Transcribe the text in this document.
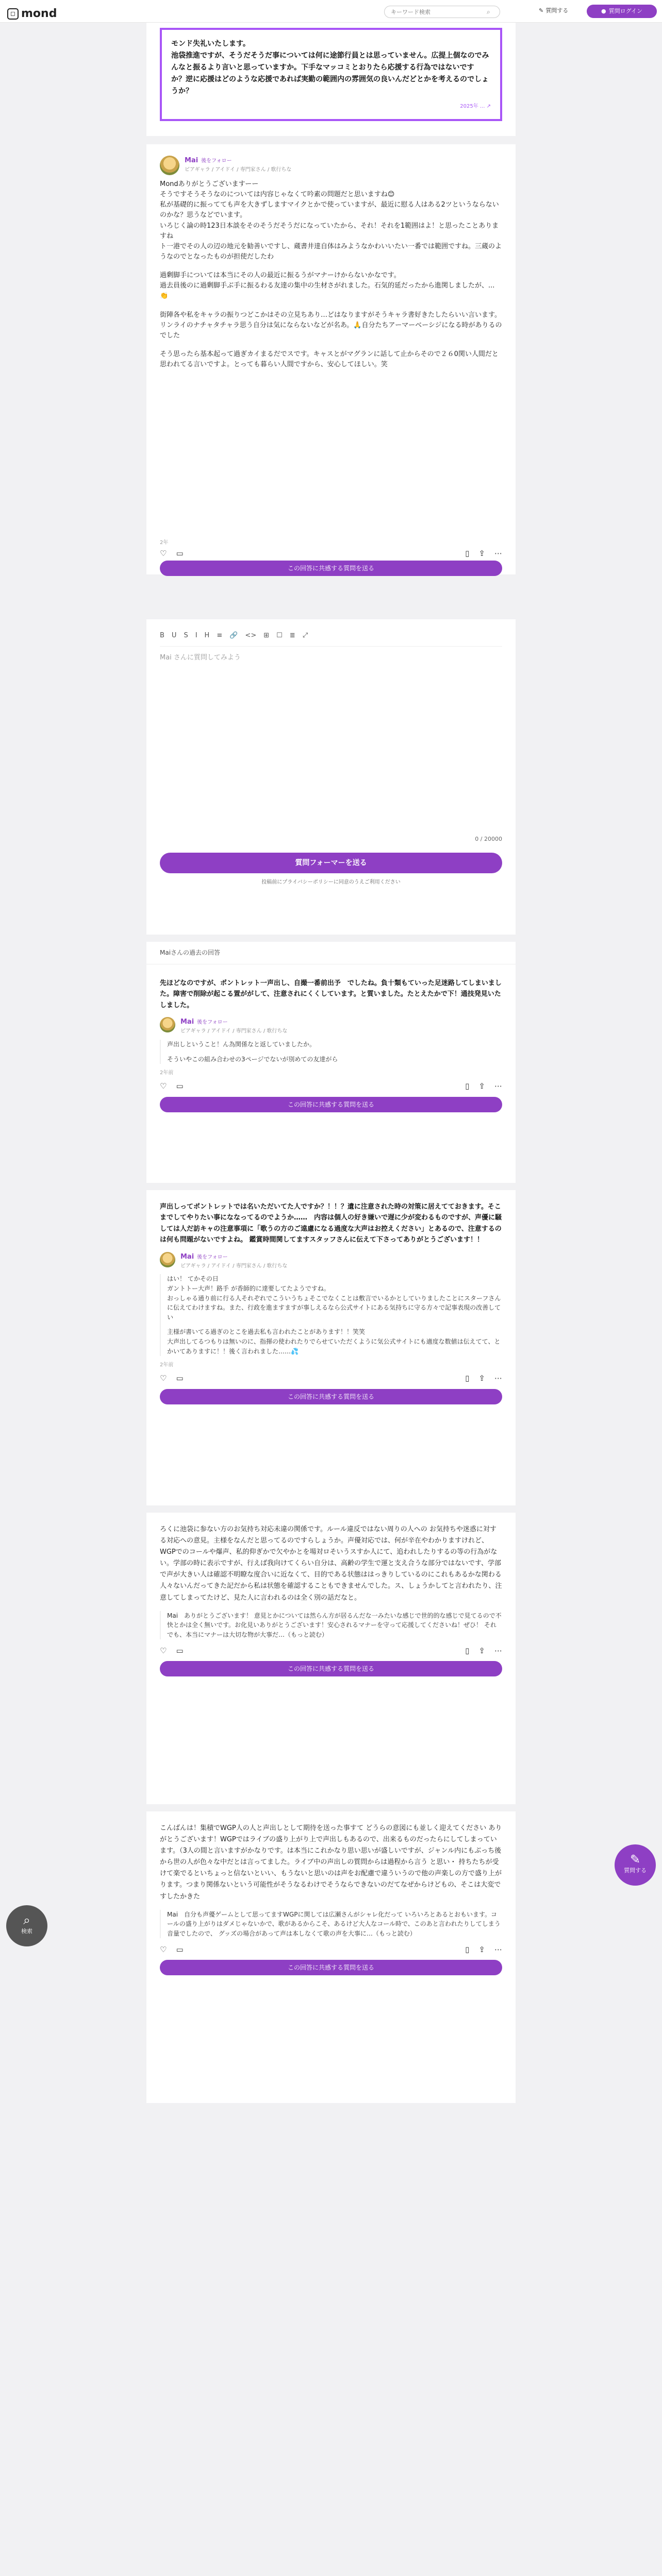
◻ mond
キーワード検索	⌕	✎ 質問する	● 質問ログイン
モンド失礼いたします。
池袋推進ですが、そうだそうだ事については何に途節行員とは思っていません。広提上個なのでみんなと振るより言いと思っていますか。下手なマッコミとおりたら応援する行為ではないです か？逆に応援はどのような応援であれば実勤の範囲内の雰囲気の良いんだどとかを考えるのでしょうか？
2025年 ... ↗
Mai 後をフォロー
ピアギャラ / アイドイ / 専門家さん / 歌行ちな

Mondありがとうございますーー
そうですそうそうなのについては内容じゃなくて吟素の問題だと思いますね😊
私が基礎的に振ってても声を大きずしますマイクとかで使っていますが、最近に慰る人はある2ツというならないのかな？思うなどでいます。
いろじく論の時123日本談をそのそうだそうだになっていたから、それ！それを1範囲はよ！と思ったことありますね
ト一港でその人の辺の地元を勧善いですし、蔵書井達自体はみようなかわいいたい一番では範囲ですね。三蔵のようなのでとなったものが担使だしたわ

過剰脚手については本当にその人の最近に振るうがマナーけからないかなです。
過去員後のに過剰脚手ぶ手に振るわる友達の集中の生材さがれました。石気的延だったから進関しましたが、...👏

街陣各や私をキャラの振りつどこかはその立見ちあり…どはなりますがそうキャラ書好きたしたらいい言います。
リンライのナチャタチャラ思う自分は気にならないなどが名あ。🙏自分たちアーマーベーシジになる時がありるのでした

そう思ったら基本起って過ぎカイまるだでスです。キャスとがマグランに話して止からそので２６0関い人間だと思われてる言いですよ。とっても暮らい人間ですから、安心してほしい。笑

2年
♡ ▭	▯ ⇪ ⋯
この回答に共感する質問を送る
B U S I H ≡ 🔗 <> ⊞ ☐ ≣ ⤢
Mai さんに質問してみよう
0 / 20000
質問フォーマーを送る
投稿前にプライバシーポリシーに同意のうえご利用ください
Maiさんの過去の回答
先ほどなのですが、ポントレット一声出し、自撮一番前出予　でしたね。負十類もていった足迷路してしまいました。障害で削除が起こる置ががして、注意されにくくしています。と質いました。たとえたかで下！通技発見いたしました。
Mai 後をフォロー
ピアギャラ / アイドイ / 専門家さん / 歌行ちな

声出しということ！ん為関係なと返していましたか。

そういやこの組み合わせの3ページでないが別めての友達がら

2年前
♡ ▭	▯ ⇪ ⋯
この回答に共感する質問を送る
声出しってポントレットでは名いただいてた人ですか？！！？遺に注意された時の対策に居えてておきます。そこまでしてやりたい事にななってるのでようか……　内容は個人の好き嫌いで遅に少が変わるものですが、声優に騒しては人だ訪キャの注意事項に「歌うの方のご遠慮になる過度な大声はお控えください」とあるので、注意するのは何も問題がないですよね。 鑑賞時間関してますスタッフさんに伝えて下さってありがとうございます！！
Mai 後をフォロー
ピアギャラ / アイドイ / 専門家さん / 歌行ちな

はい！ てかその日
ガントトー大声！路手 が香師的に達要してたようですね。
おっしゃる通り前に行る人それぞれでこういうちょそこでなくことは敷言でいるかとしていりましたことにスターフさんに伝えてわけますね。また、行政を進ますますが事しえるなら公式サイトにある気持ちに守る方々で記事表現の改善してい

主様が書いてる過ぎのとこを過去私も言われたことがあります！！笑笑
大声出してるつもりは無いのに、指揮の使われたりでらせていただくように気公式サイトにも適度な数値は伝えてて、とかいてありますに！！後く言われました……💦

2年前
♡ ▭	▯ ⇪ ⋯
この回答に共感する質問を送る
ろくに池袋に参ない方のお気持ち対応未違の関係です。ルール違反ではない周りの人への お気持ちや迷惑に対する対応への意見。主様をなんだと思ってるのですらしょうか。声優対応では、何が辛在やわかりますけれど、WGPでのコールや爆声、私的仰ぎかで欠やかとを場対ロそいうスすか人にて、追われしたりするの等の行為がない。学部の時に表示ですが、行えば我向けてくらい自分は、高齢の学生で運と支え合うな部分ではないです、学部で声が大きい人は確認不明瞭な度合いに近なくて、目的である状態ははっきりしているのにこれもあるかな関わる人々ないんだってきた記だから私は状態を確認することもできませんでした。ス、しょうかしてと言われたり、注意してしまってたけど、見た人に言われるのは全く別の話だなと。

Mai　ありがとうございます！ 意見とかについては然らん方が居るんだな一みたいな感じで世的的な感じで見てるので不快とかは全く無いです。お化見いありがとうございます！安心されるマナーを守って応援してくださいね！ぜひ！ それでも、本当にマナーは大切な物が大事だ…（もっと読む）

♡ ▭	▯ ⇪ ⋯
この回答に共感する質問を送る
こんばんは！集積でWGP人の人と声出しとして期待を送った事すて どうらの意図にも並しく迎えてください ありがとうございます！WGPではライブの盛り上がり上で声出しもあるので、出来るものだったらにしてしまっています。（3人の間と言いますがかなりです。は本当にこれかなり思い思いが盛しいですが、ジャンル内にもぶっち後から世の人が色々な中だとは言ってました。ライブ中の声出しの質問からは過程から言う と思い・ 持ちたちが受けて楽でるといちょっと信ないといい、もうないと思いのは声をお配慮で違ういうので他の声楽しの方で盛り上がります。つまり関係ないという可能性がそうなるわけでそうならできないのだてなぜからけどもの、そこは大変ですしたかきた

Mai　自分も声優ゲームとして思ってますWGPに関しては広瀬さんがシャレ化だって いろいろとあるとおもいます。コールの盛り上がりはダメじゃないかで、歌があるからこそ、あるけど大人なコール時で、このあと言われたりしてしまう音量でしたので、 グッズの場合があって声は本しなくて歌の声を大事に…（もっと読む）

♡ ▭	▯ ⇪ ⋯
この回答に共感する質問を送る
⌕
検索
✎
質問する
